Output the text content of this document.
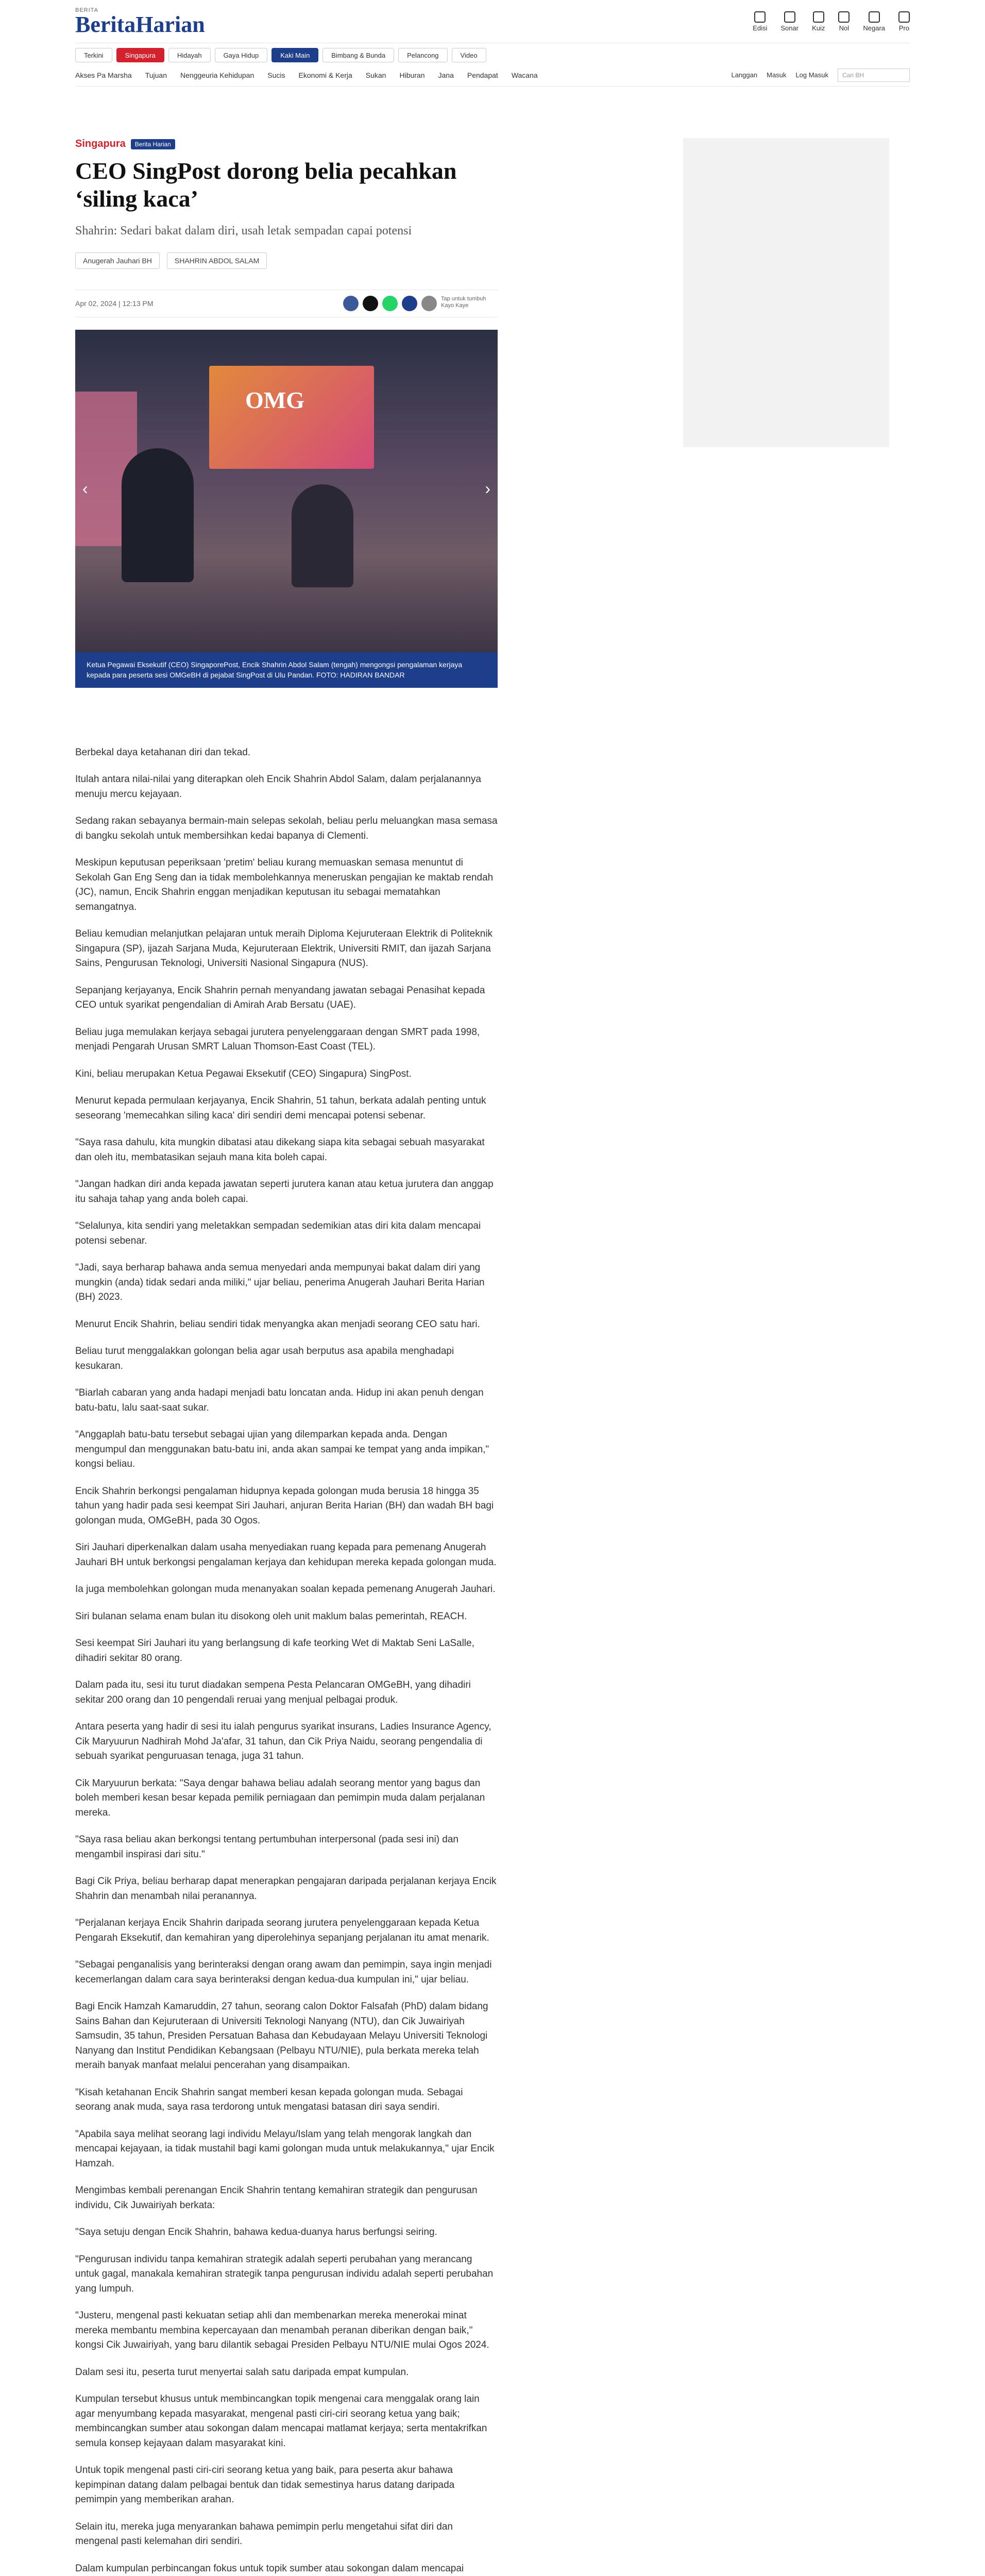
BERITA
BeritaHarian	Edisi Sonar Kuiz Nol Negara Pro
Terkini	Singapura	Hidayah	Gaya Hidup	Kaki Main	Bimbang & Bunda	Pelancong	Video
Akses Pa Marsha Tujuan Nenggeuria Kehidupan Sucis Ekonomi & Kerja Sukan Hiburan Jana Pendapat Wacana	Langgan Masuk Log Masuk	Cari BH
Singapura	Berita Harian
CEO SingPost dorong belia pecahkan ‘siling kaca’
Shahrin: Sedari bakat dalam diri, usah letak sempadan capai potensi
Anugerah Jauhari BH	SHAHRIN ABDOL SALAM
Apr 02, 2024 | 12:13 PM
Tap untuk tumbuh Kayo Kaye
OMG
‹	›
Ketua Pegawai Eksekutif (CEO) SingaporePost, Encik Shahrin Abdol Salam (tengah) mengongsi pengalaman kerjaya kepada para peserta sesi OMGeBH di pejabat SingPost di Ulu Pandan. FOTO: HADIRAN BANDAR

Berbekal daya ketahanan diri dan tekad.

Itulah antara nilai-nilai yang diterapkan oleh Encik Shahrin Abdol Salam, dalam perjalanannya menuju mercu kejayaan.

Sedang rakan sebayanya bermain-main selepas sekolah, beliau perlu meluangkan masa semasa di bangku sekolah untuk membersihkan kedai bapanya di Clementi.

Meskipun keputusan peperiksaan 'pretim' beliau kurang memuaskan semasa menuntut di Sekolah Gan Eng Seng dan ia tidak membolehkannya meneruskan pengajian ke maktab rendah (JC), namun, Encik Shahrin enggan menjadikan keputusan itu sebagai mematahkan semangatnya.

Beliau kemudian melanjutkan pelajaran untuk meraih Diploma Kejuruteraan Elektrik di Politeknik Singapura (SP), ijazah Sarjana Muda, Kejuruteraan Elektrik, Universiti RMIT, dan ijazah Sarjana Sains, Pengurusan Teknologi, Universiti Nasional Singapura (NUS).

Sepanjang kerjayanya, Encik Shahrin pernah menyandang jawatan sebagai Penasihat kepada CEO untuk syarikat pengendalian di Amirah Arab Bersatu (UAE).

Beliau juga memulakan kerjaya sebagai jurutera penyelenggaraan dengan SMRT pada 1998, menjadi Pengarah Urusan SMRT Laluan Thomson-East Coast (TEL).

Kini, beliau merupakan Ketua Pegawai Eksekutif (CEO) Singapura) SingPost.

Menurut kepada permulaan kerjayanya, Encik Shahrin, 51 tahun, berkata adalah penting untuk seseorang 'memecahkan siling kaca' diri sendiri demi mencapai potensi sebenar.

"Saya rasa dahulu, kita mungkin dibatasi atau dikekang siapa kita sebagai sebuah masyarakat dan oleh itu, membatasikan sejauh mana kita boleh capai.

"Jangan hadkan diri anda kepada jawatan seperti jurutera kanan atau ketua jurutera dan anggap itu sahaja tahap yang anda boleh capai.

"Selalunya, kita sendiri yang meletakkan sempadan sedemikian atas diri kita dalam mencapai potensi sebenar.

"Jadi, saya berharap bahawa anda semua menyedari anda mempunyai bakat dalam diri yang mungkin (anda) tidak sedari anda miliki," ujar beliau, penerima Anugerah Jauhari Berita Harian (BH) 2023.

Menurut Encik Shahrin, beliau sendiri tidak menyangka akan menjadi seorang CEO satu hari.

Beliau turut menggalakkan golongan belia agar usah berputus asa apabila menghadapi kesukaran.

"Biarlah cabaran yang anda hadapi menjadi batu loncatan anda. Hidup ini akan penuh dengan batu-batu, lalu saat-saat sukar.

"Anggaplah batu-batu tersebut sebagai ujian yang dilemparkan kepada anda. Dengan mengumpul dan menggunakan batu-batu ini, anda akan sampai ke tempat yang anda impikan," kongsi beliau.

Encik Shahrin berkongsi pengalaman hidupnya kepada golongan muda berusia 18 hingga 35 tahun yang hadir pada sesi keempat Siri Jauhari, anjuran Berita Harian (BH) dan wadah BH bagi golongan muda, OMGeBH, pada 30 Ogos.

Siri Jauhari diperkenalkan dalam usaha menyediakan ruang kepada para pemenang Anugerah Jauhari BH untuk berkongsi pengalaman kerjaya dan kehidupan mereka kepada golongan muda.

Ia juga membolehkan golongan muda menanyakan soalan kepada pemenang Anugerah Jauhari.

Siri bulanan selama enam bulan itu disokong oleh unit maklum balas pemerintah, REACH.

Sesi keempat Siri Jauhari itu yang berlangsung di kafe teorking Wet di Maktab Seni LaSalle, dihadiri sekitar 80 orang.

Dalam pada itu, sesi itu turut diadakan sempena Pesta Pelancaran OMGeBH, yang dihadiri sekitar 200 orang dan 10 pengendali reruai yang menjual pelbagai produk.

Antara peserta yang hadir di sesi itu ialah pengurus syarikat insurans, Ladies Insurance Agency, Cik Maryuurun Nadhirah Mohd Ja'afar, 31 tahun, dan Cik Priya Naidu, seorang pengendalia di sebuah syarikat penguruasan tenaga, juga 31 tahun.

Cik Maryuurun berkata: "Saya dengar bahawa beliau adalah seorang mentor yang bagus dan boleh memberi kesan besar kepada pemilik perniagaan dan pemimpin muda dalam perjalanan mereka.

"Saya rasa beliau akan berkongsi tentang pertumbuhan interpersonal (pada sesi ini) dan mengambil inspirasi dari situ."

Bagi Cik Priya, beliau berharap dapat menerapkan pengajaran daripada perjalanan kerjaya Encik Shahrin dan menambah nilai peranannya.

"Perjalanan kerjaya Encik Shahrin daripada seorang jurutera penyelenggaraan kepada Ketua Pengarah Eksekutif, dan kemahiran yang diperolehinya sepanjang perjalanan itu amat menarik.

"Sebagai penganalisis yang berinteraksi dengan orang awam dan pemimpin, saya ingin menjadi kecemerlangan dalam cara saya berinteraksi dengan kedua-dua kumpulan ini," ujar beliau.

Bagi Encik Hamzah Kamaruddin, 27 tahun, seorang calon Doktor Falsafah (PhD) dalam bidang Sains Bahan dan Kejuruteraan di Universiti Teknologi Nanyang (NTU), dan Cik Juwairiyah Samsudin, 35 tahun, Presiden Persatuan Bahasa dan Kebudayaan Melayu Universiti Teknologi Nanyang dan Institut Pendidikan Kebangsaan (Pelbayu NTU/NIE), pula berkata mereka telah meraih banyak manfaat melalui pencerahan yang disampaikan.

"Kisah ketahanan Encik Shahrin sangat memberi kesan kepada golongan muda. Sebagai seorang anak muda, saya rasa terdorong untuk mengatasi batasan diri saya sendiri.

"Apabila saya melihat seorang lagi individu Melayu/Islam yang telah mengorak langkah dan mencapai kejayaan, ia tidak mustahil bagi kami golongan muda untuk melakukannya," ujar Encik Hamzah.

Mengimbas kembali perenangan Encik Shahrin tentang kemahiran strategik dan pengurusan individu, Cik Juwairiyah berkata:

"Saya setuju dengan Encik Shahrin, bahawa kedua-duanya harus berfungsi seiring.

"Pengurusan individu tanpa kemahiran strategik adalah seperti perubahan yang merancang untuk gagal, manakala kemahiran strategik tanpa pengurusan individu adalah seperti perubahan yang lumpuh.

"Justeru, mengenal pasti kekuatan setiap ahli dan membenarkan mereka menerokai minat mereka membantu membina kepercayaan dan menambah peranan diberikan dengan baik," kongsi Cik Juwairiyah, yang baru dilantik sebagai Presiden Pelbayu NTU/NIE mulai Ogos 2024.

Dalam sesi itu, peserta turut menyertai salah satu daripada empat kumpulan.

Kumpulan tersebut khusus untuk membincangkan topik mengenai cara menggalak orang lain agar menyumbang kepada masyarakat, mengenal pasti ciri-ciri seorang ketua yang baik; membincangkan sumber atau sokongan dalam mencapai matlamat kerjaya; serta mentakrifkan semula konsep kejayaan dalam masyarakat kini.

Untuk topik mengenal pasti ciri-ciri seorang ketua yang baik, para peserta akur bahawa kepimpinan datang dalam pelbagai bentuk dan tidak semestinya harus datang daripada pemimpin yang memberikan arahan.

Selain itu, mereka juga menyarankan bahawa pemimpin perlu mengetahui sifat diri dan mengenal pasti kelemahan diri sendiri.

Dalam kumpulan perbincangan fokus untuk topik sumber atau sokongan dalam mencapai
